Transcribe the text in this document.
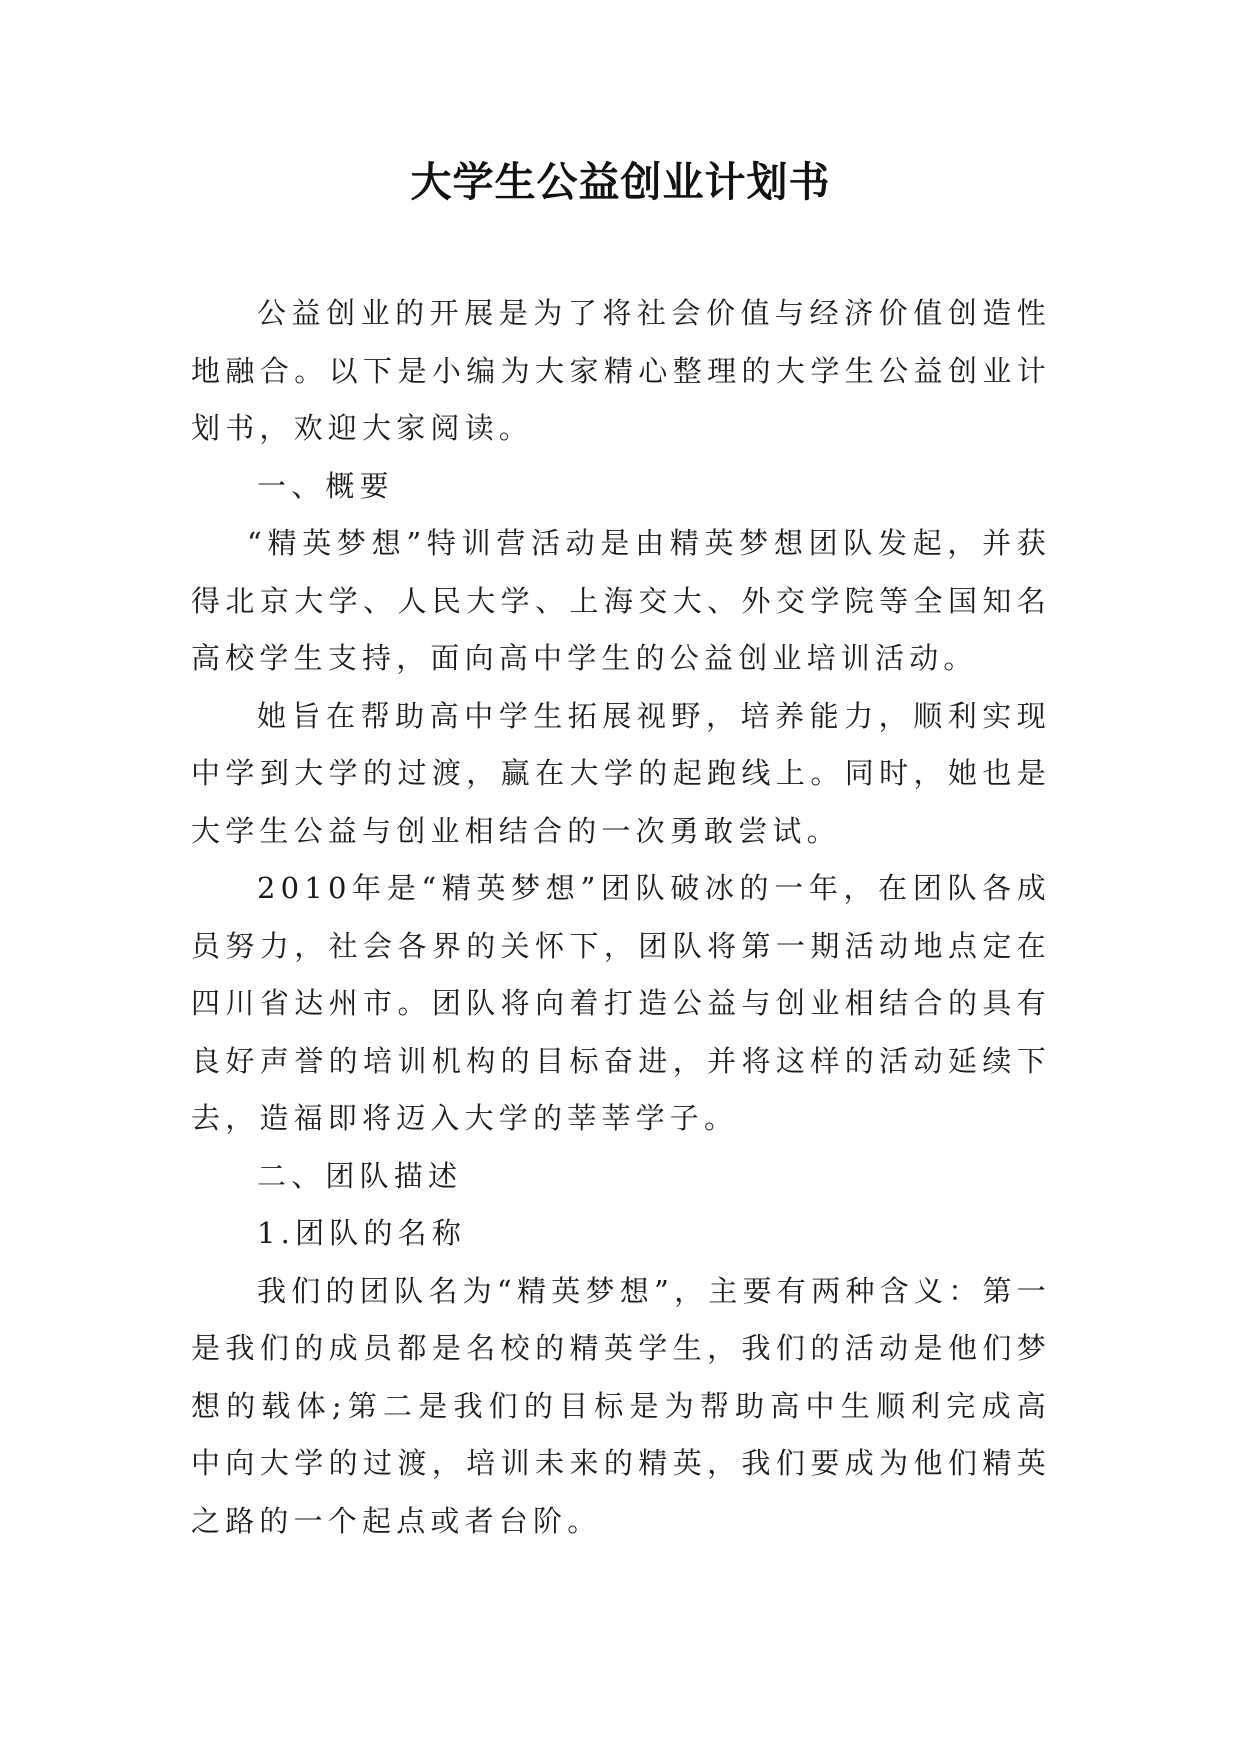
大学生公益创业计划书

公益创业的开展是为了将社会价值与经济价值创造性地融合。以下是小编为大家精心整理的大学生公益创业计划书，欢迎大家阅读。

一、概要

“精英梦想”特训营活动是由精英梦想团队发起，并获得北京大学、人民大学、上海交大、外交学院等全国知名高校学生支持，面向高中学生的公益创业培训活动。

她旨在帮助高中学生拓展视野，培养能力，顺利实现中学到大学的过渡，赢在大学的起跑线上。同时，她也是大学生公益与创业相结合的一次勇敢尝试。

2010年是“精英梦想”团队破冰的一年，在团队各成员努力，社会各界的关怀下，团队将第一期活动地点定在四川省达州市。团队将向着打造公益与创业相结合的具有良好声誉的培训机构的目标奋进，并将这样的活动延续下去，造福即将迈入大学的莘莘学子。

二、团队描述

1.团队的名称

我们的团队名为“精英梦想”，主要有两种含义：第一是我们的成员都是名校的精英学生，我们的活动是他们梦想的载体;第二是我们的目标是为帮助高中生顺利完成高中向大学的过渡，培训未来的精英，我们要成为他们精英之路的一个起点或者台阶。
